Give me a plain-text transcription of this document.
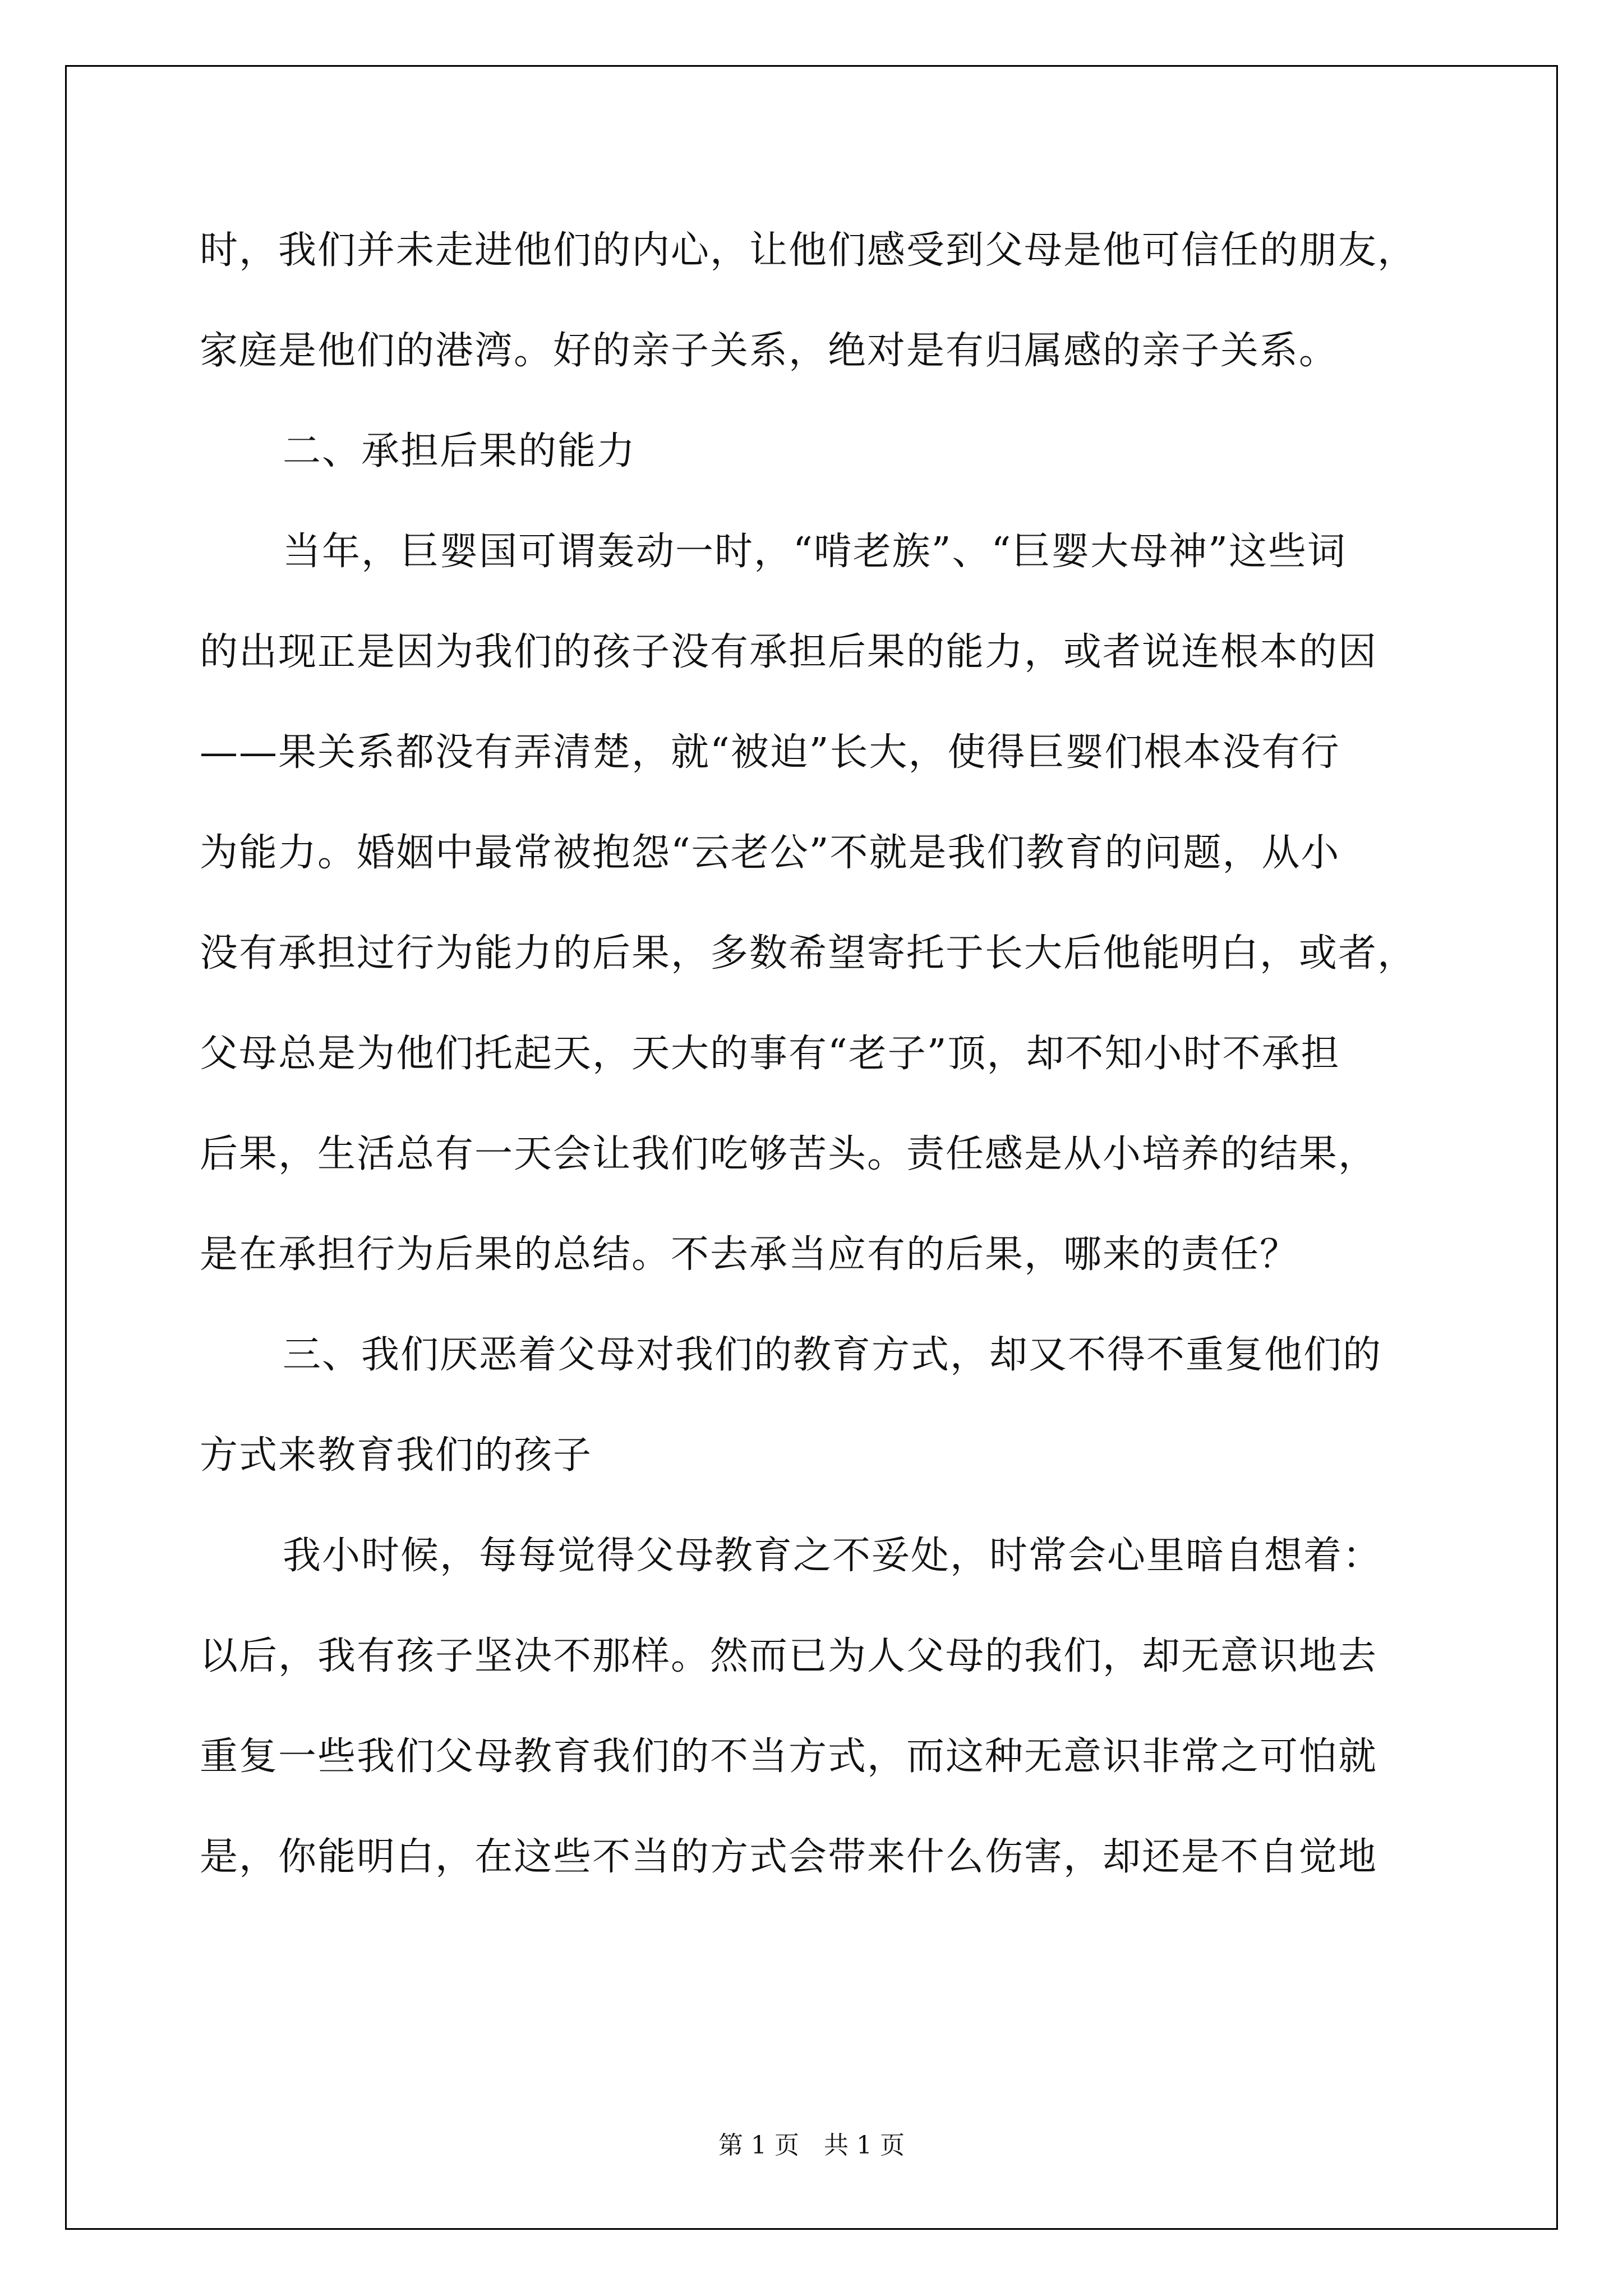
时，我们并未走进他们的内心，让他们感受到父母是他可信任的朋友，
家庭是他们的港湾。好的亲子关系，绝对是有归属感的亲子关系。
二、承担后果的能力
当年，巨婴国可谓轰动一时，“啃老族”、“巨婴大母神”这些词
的出现正是因为我们的孩子没有承担后果的能力，或者说连根本的因
——果关系都没有弄清楚，就“被迫”长大，使得巨婴们根本没有行
为能力。婚姻中最常被抱怨“云老公”不就是我们教育的问题，从小
没有承担过行为能力的后果，多数希望寄托于长大后他能明白，或者，
父母总是为他们托起天，天大的事有“老子”顶，却不知小时不承担
后果，生活总有一天会让我们吃够苦头。责任感是从小培养的结果，
是在承担行为后果的总结。不去承当应有的后果，哪来的责任？
三、我们厌恶着父母对我们的教育方式，却又不得不重复他们的
方式来教育我们的孩子
我小时候，每每觉得父母教育之不妥处，时常会心里暗自想着：
以后，我有孩子坚决不那样。然而已为人父母的我们，却无意识地去
重复一些我们父母教育我们的不当方式，而这种无意识非常之可怕就
是，你能明白，在这些不当的方式会带来什么伤害，却还是不自觉地
第 1 页　共 1 页
